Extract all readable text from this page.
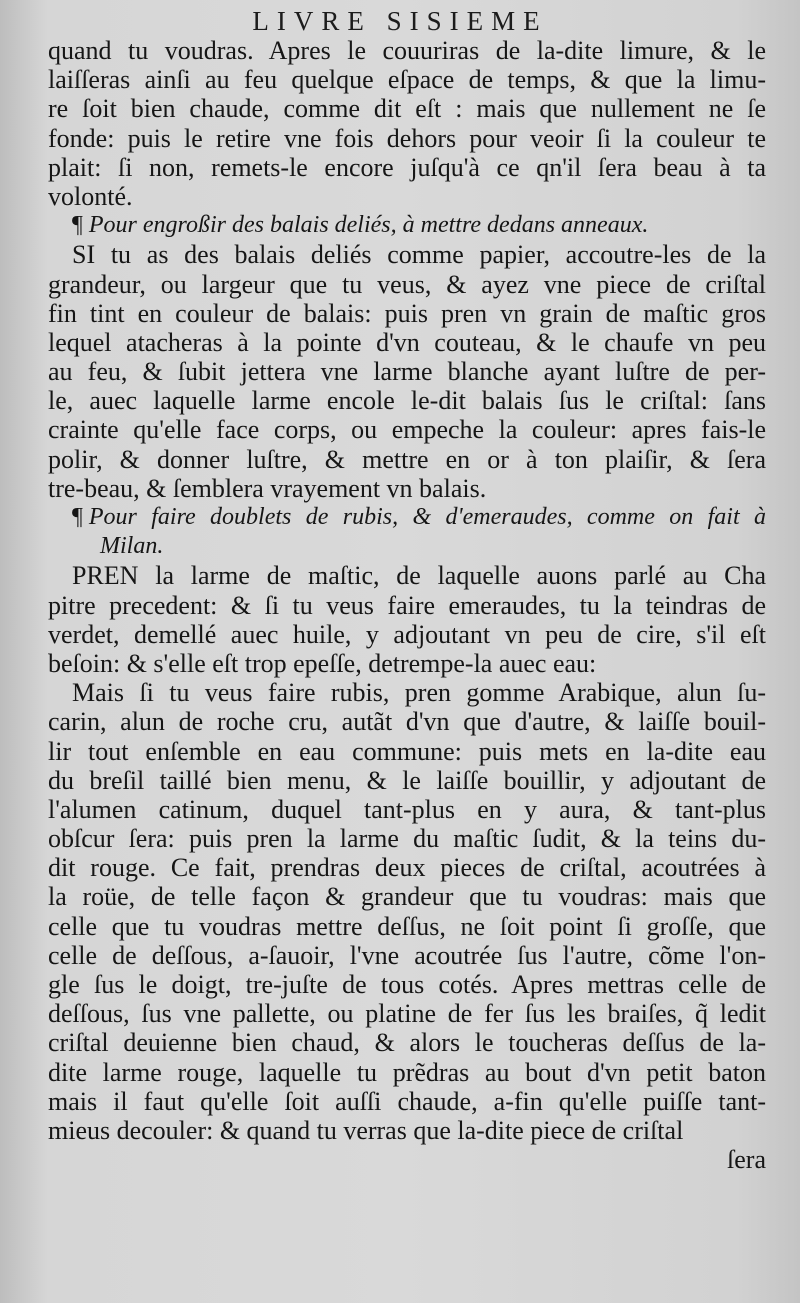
LIVRE SISIEME
quand tu voudras. Apres le couuriras de la-dite limure, & le
laiſſeras ainſi au feu quelque eſpace de temps, & que la limu-
re ſoit bien chaude, comme dit eſt : mais que nullement ne ſe
fonde: puis le retire vne fois dehors pour veoir ſi la couleur te
plait: ſi non, remets-le encore juſqu'à ce qn'il ſera beau à ta
volonté.
¶ Pour engroßir des balais deliés, à mettre dedans anneaux.
SI tu as des balais deliés comme papier, accoutre-les de la
grandeur, ou largeur que tu veus, & ayez vne piece de criſtal
fin tint en couleur de balais: puis pren vn grain de maſtic gros
lequel atacheras à la pointe d'vn couteau, & le chaufe vn peu
au feu, & ſubit jettera vne larme blanche ayant luſtre de per-
le, auec laquelle larme encole le-dit balais ſus le criſtal: ſans
crainte qu'elle face corps, ou empeche la couleur: apres fais-le
polir, & donner luſtre, & mettre en or à ton plaiſir, & ſera
tre-beau, & ſemblera vrayement vn balais.
¶ Pour faire doublets de rubis, & d'emeraudes, comme on fait à
Milan.
PREN la larme de maſtic, de laquelle auons parlé au Cha
pitre precedent: & ſi tu veus faire emeraudes, tu la teindras de
verdet, demellé auec huile, y adjoutant vn peu de cire, s'il eſt
beſoin: & s'elle eſt trop epeſſe, detrempe-la auec eau:
Mais ſi tu veus faire rubis, pren gomme Arabique, alun ſu-
carin, alun de roche cru, autãt d'vn que d'autre, & laiſſe bouil-
lir tout enſemble en eau commune: puis mets en la-dite eau
du breſil taillé bien menu, & le laiſſe bouillir, y adjoutant de
l'alumen catinum, duquel tant-plus en y aura, & tant-plus
obſcur ſera: puis pren la larme du maſtic ſudit, & la teins du-
dit rouge. Ce fait, prendras deux pieces de criſtal, acoutrées à
la roüe, de telle façon & grandeur que tu voudras: mais que
celle que tu voudras mettre deſſus, ne ſoit point ſi groſſe, que
celle de deſſous, a-ſauoir, l'vne acoutrée ſus l'autre, cõme l'on-
gle ſus le doigt, tre-juſte de tous cotés. Apres mettras celle de
deſſous, ſus vne pallette, ou platine de fer ſus les braiſes, q̃ ledit
criſtal deuienne bien chaud, & alors le toucheras deſſus de la-
dite larme rouge, laquelle tu prẽdras au bout d'vn petit baton
mais il faut qu'elle ſoit auſſi chaude, a-fin qu'elle puiſſe tant-
mieus decouler: & quand tu verras que la-dite piece de criſtal
ſera
